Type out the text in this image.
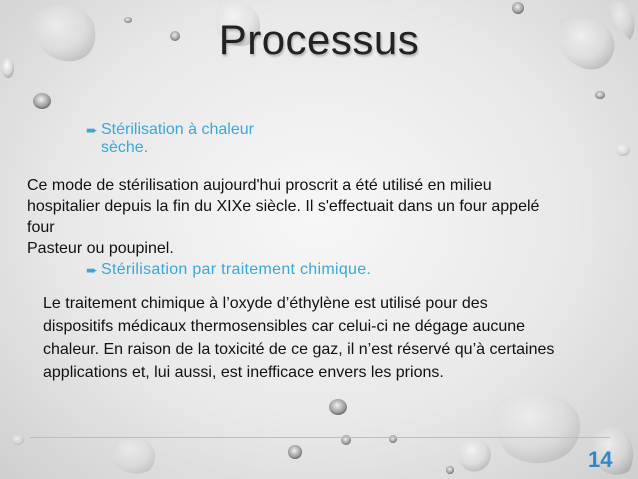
Processus
➨ Stérilisation à chaleur
sèche.
Ce mode de stérilisation aujourd'hui proscrit a été utilisé en milieu
hospitalier depuis la fin du XIXe siècle. Il s'effectuait dans un four appelé
four
Pasteur ou poupinel.
➨ Stérilisation par traitement chimique.
Le traitement chimique à l’oxyde d’éthylène est utilisé pour des
dispositifs médicaux thermosensibles car celui-ci ne dégage aucune
chaleur. En raison de la toxicité de ce gaz, il n’est réservé qu’à certaines
applications et, lui aussi, est inefficace envers les prions.
14
